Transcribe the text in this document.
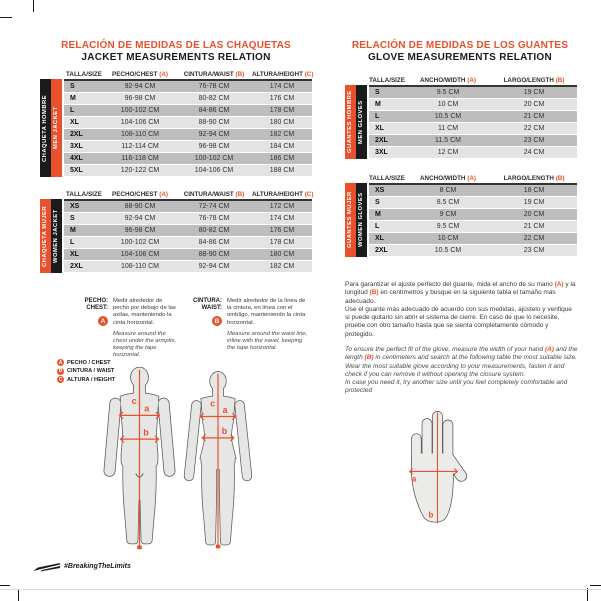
RELACIÓN DE MEDIDAS DE LAS CHAQUETAS
JACKET MEASUREMENTS RELATION
TALLA/SIZE	PECHO/CHEST (A)	CINTURA/WAIST (B)	ALTURA/HEIGHT (C)
CHAQUETA HOMBRE MEN JACKET
S	92-94 CM	76-78 CM	174 CM
M	96-98 CM	80-82 CM	176 CM
L	100-102 CM	84-86 CM	178 CM
XL	104-106 CM	88-90 CM	180 CM
2XL	108-110 CM	92-94 CM	182 CM
3XL	112-114 CM	96-98 CM	184 CM
4XL	116-118 CM	100-102 CM	186 CM
5XL	120-122 CM	104-106 CM	188 CM
TALLA/SIZE	PECHO/CHEST (A)	CINTURA/WAIST (B)	ALTURA/HEIGHT (C)
CHAQUETA MUJER WOMEN JACKET
XS	88-90 CM	72-74 CM	172 CM
S	92-94 CM	76-78 CM	174 CM
M	96-98 CM	80-82 CM	176 CM
L	100-102 CM	84-86 CM	178 CM
XL	104-106 CM	88-90 CM	180 CM
2XL	108-110 CM	92-94 CM	182 CM
PECHO:
CHEST:
A

Medir alrededor de pecho por debajo de las axilas, manteniendo la cinta horizontal.

Measure around the chest under the armpits, keeping the tape horizontal.

CINTURA:
WAIST:
B

Medir alrededor de la línea de la cintura, en línea con el ombligo, manteniendo la cinta horizontal.

Measure around the waist line, inline with the navel, keeping the tape horizontal.

A PECHO / CHEST
B CINTURA / WAIST
C ALTURA / HEIGHT
c
a
b
c
a
b
RELACIÓN DE MEDIDAS DE LOS GUANTES
GLOVE MEASUREMENTS RELATION
TALLA/SIZE	ANCHO/WIDTH (A)	LARGO/LENGTH (B)
GUANTES HOMBRE MEN GLOVES
S	9.5 CM	19 CM
M	10 CM	20 CM
L	10.5 CM	21 CM
XL	11 CM	22 CM
2XL	11.5 CM	23 CM
3XL	12 CM	24 CM
TALLA/SIZE	ANCHO/WIDTH (A)	LARGO/LENGTH (B)
GUANTES MUJER WOMEN GLOVES
XS	8 CM	18 CM
S	8.5 CM	19 CM
M	9 CM	20 CM
L	9.5 CM	21 CM
XL	10 CM	22 CM
2XL	10.5 CM	23 CM

Para garantizar el ajuste perfecto del guante, mida el ancho de su mano (A) y la longitud (B) en centímetros y busque en la siguiente tabla el tamaño más adecuado.

Use el guante más adecuado de acuerdo con sus medidas, ajústelo y verifique si puede quitarlo sin abrir el sistema de cierre. En caso de que lo necesite, pruebe con otro tamaño hasta que se sienta completamente cómodo y protegido.

To ensure the perfect fit of the glove, measure the width of your hand (A) and the length (B) in centimeters and search at the following table the most suitable size. Wear the most suitable glove according to your measurements, fasten it and check if you can remove it without opening the closure system.

In case you need it, try another size until you feel completely comfortable and protected

a
b
#BreakingTheLimits
